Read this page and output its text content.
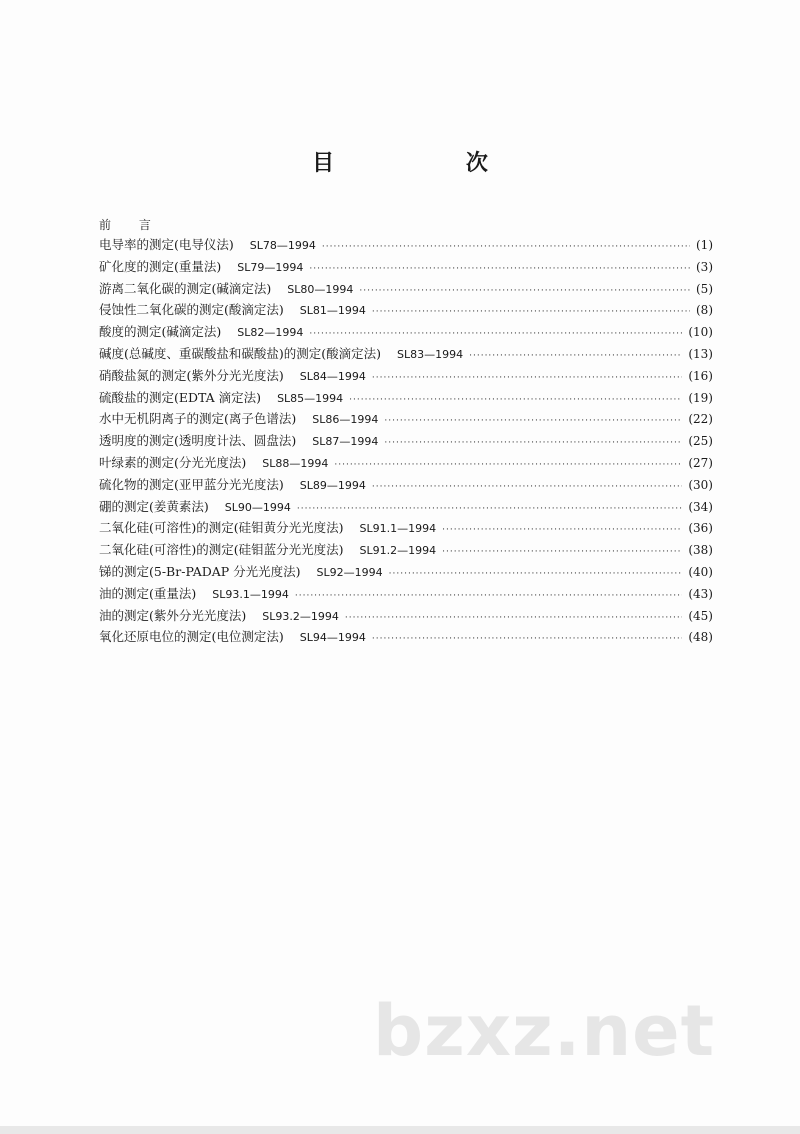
目 次
前 言
电导率的测定(电导仪法) SL78—1994 ·····	(1)
矿化度的测定(重量法) SL79—1994 ·····	(3)
游离二氧化碳的测定(碱滴定法) SL80—1994 ·····	(5)
侵蚀性二氧化碳的测定(酸滴定法) SL81—1994 ·····	(8)
酸度的测定(碱滴定法) SL82—1994 ·····	(10)
碱度(总碱度、重碳酸盐和碳酸盐)的测定(酸滴定法) SL83—1994 ·····	(13)
硝酸盐氮的测定(紫外分光光度法) SL84—1994 ·····	(16)
硫酸盐的测定(EDTA 滴定法) SL85—1994 ·····	(19)
水中无机阴离子的测定(离子色谱法) SL86—1994 ·····	(22)
透明度的测定(透明度计法、圆盘法) SL87—1994 ·····	(25)
叶绿素的测定(分光光度法) SL88—1994 ·····	(27)
硫化物的测定(亚甲蓝分光光度法) SL89—1994 ·····	(30)
硼的测定(姜黄素法) SL90—1994 ·····	(34)
二氧化硅(可溶性)的测定(硅钼黄分光光度法) SL91.1—1994 ·····	(36)
二氧化硅(可溶性)的测定(硅钼蓝分光光度法) SL91.2—1994 ·····	(38)
锑的测定(5-Br-PADAP 分光光度法) SL92—1994 ·····	(40)
油的测定(重量法) SL93.1—1994 ·····	(43)
油的测定(紫外分光光度法) SL93.2—1994 ·····	(45)
氧化还原电位的测定(电位测定法) SL94—1994 ·····	(48)
bzxz.net
